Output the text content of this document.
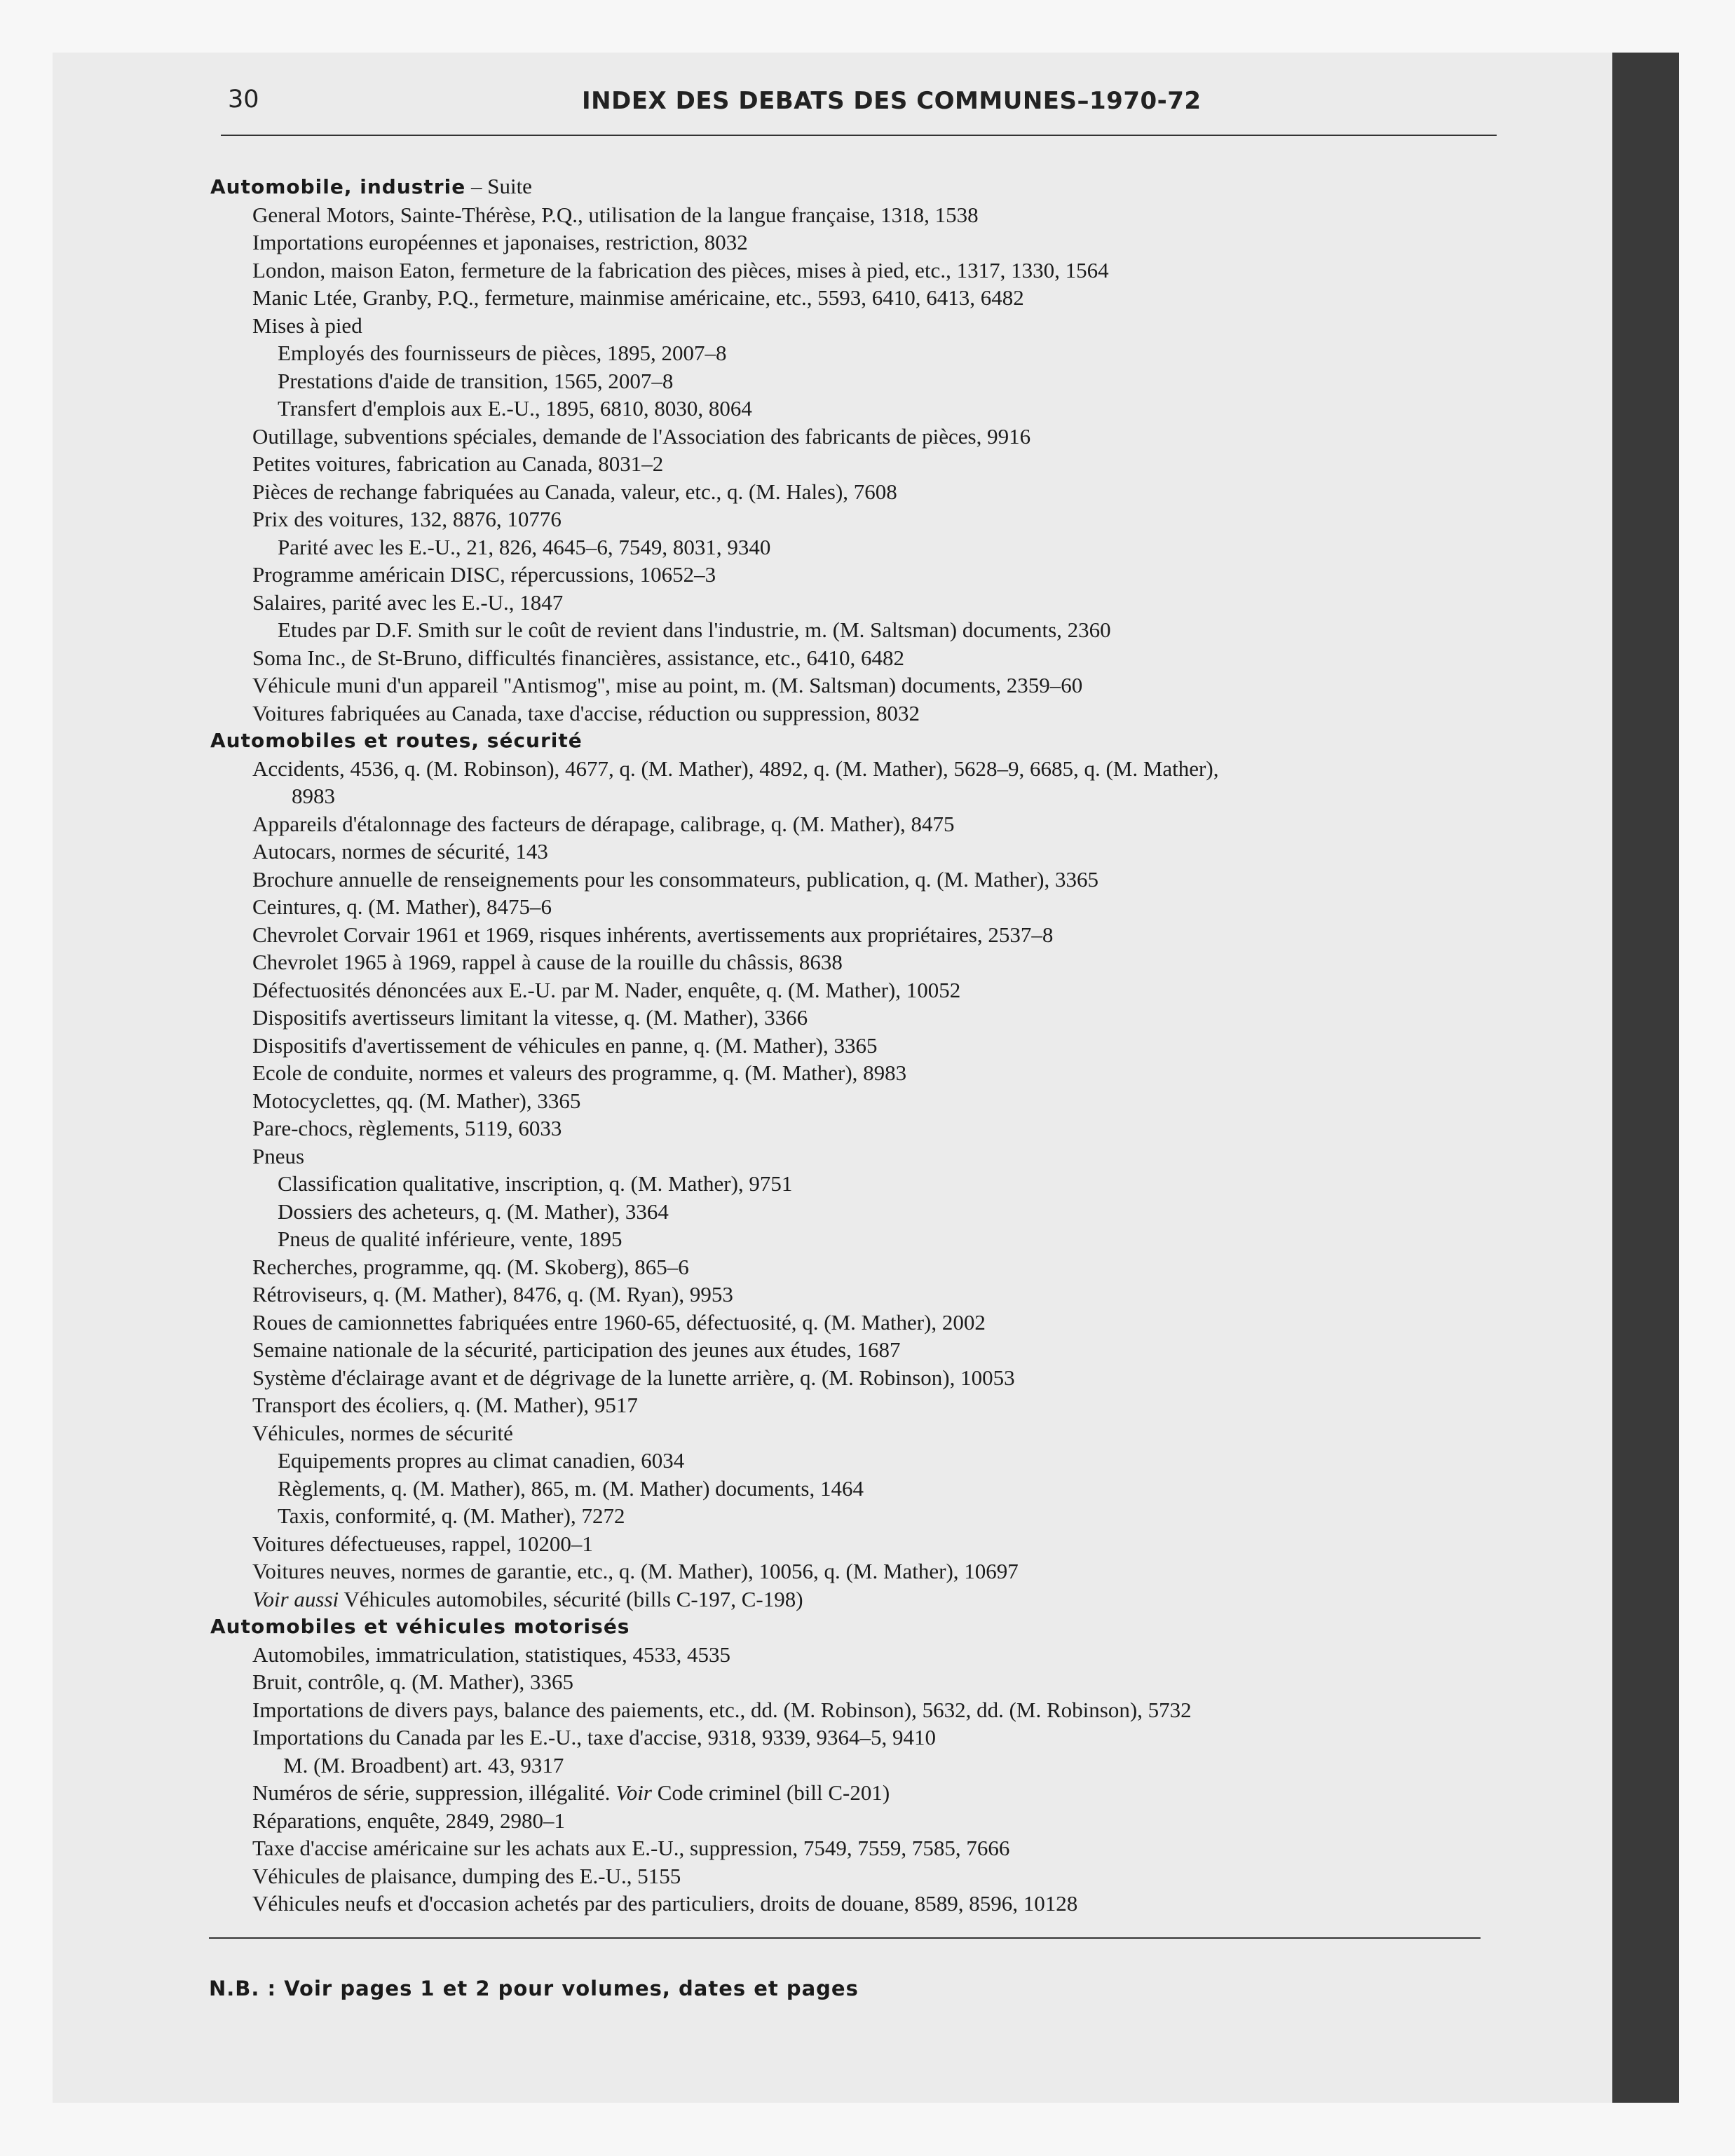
30	INDEX DES DEBATS DES COMMUNES–1970-72
Automobile, industrie – Suite
General Motors, Sainte-Thérèse, P.Q., utilisation de la langue française, 1318, 1538
Importations européennes et japonaises, restriction, 8032
London, maison Eaton, fermeture de la fabrication des pièces, mises à pied, etc., 1317, 1330, 1564
Manic Ltée, Granby, P.Q., fermeture, mainmise américaine, etc., 5593, 6410, 6413, 6482
Mises à pied
Employés des fournisseurs de pièces, 1895, 2007–8
Prestations d'aide de transition, 1565, 2007–8
Transfert d'emplois aux E.-U., 1895, 6810, 8030, 8064
Outillage, subventions spéciales, demande de l'Association des fabricants de pièces, 9916
Petites voitures, fabrication au Canada, 8031–2
Pièces de rechange fabriquées au Canada, valeur, etc., q. (M. Hales), 7608
Prix des voitures, 132, 8876, 10776
Parité avec les E.-U., 21, 826, 4645–6, 7549, 8031, 9340
Programme américain DISC, répercussions, 10652–3
Salaires, parité avec les E.-U., 1847
Etudes par D.F. Smith sur le coût de revient dans l'industrie, m. (M. Saltsman) documents, 2360
Soma Inc., de St-Bruno, difficultés financières, assistance, etc., 6410, 6482
Véhicule muni d'un appareil ''Antismog'', mise au point, m. (M. Saltsman) documents, 2359–60
Voitures fabriquées au Canada, taxe d'accise, réduction ou suppression, 8032
Automobiles et routes, sécurité
Accidents, 4536, q. (M. Robinson), 4677, q. (M. Mather), 4892, q. (M. Mather), 5628–9, 6685, q. (M. Mather),
8983
Appareils d'étalonnage des facteurs de dérapage, calibrage, q. (M. Mather), 8475
Autocars, normes de sécurité, 143
Brochure annuelle de renseignements pour les consommateurs, publication, q. (M. Mather), 3365
Ceintures, q. (M. Mather), 8475–6
Chevrolet Corvair 1961 et 1969, risques inhérents, avertissements aux propriétaires, 2537–8
Chevrolet 1965 à 1969, rappel à cause de la rouille du châssis, 8638
Défectuosités dénoncées aux E.-U. par M. Nader, enquête, q. (M. Mather), 10052
Dispositifs avertisseurs limitant la vitesse, q. (M. Mather), 3366
Dispositifs d'avertissement de véhicules en panne, q. (M. Mather), 3365
Ecole de conduite, normes et valeurs des programme, q. (M. Mather), 8983
Motocyclettes, qq. (M. Mather), 3365
Pare-chocs, règlements, 5119, 6033
Pneus
Classification qualitative, inscription, q. (M. Mather), 9751
Dossiers des acheteurs, q. (M. Mather), 3364
Pneus de qualité inférieure, vente, 1895
Recherches, programme, qq. (M. Skoberg), 865–6
Rétroviseurs, q. (M. Mather), 8476, q. (M. Ryan), 9953
Roues de camionnettes fabriquées entre 1960-65, défectuosité, q. (M. Mather), 2002
Semaine nationale de la sécurité, participation des jeunes aux études, 1687
Système d'éclairage avant et de dégrivage de la lunette arrière, q. (M. Robinson), 10053
Transport des écoliers, q. (M. Mather), 9517
Véhicules, normes de sécurité
Equipements propres au climat canadien, 6034
Règlements, q. (M. Mather), 865, m. (M. Mather) documents, 1464
Taxis, conformité, q. (M. Mather), 7272
Voitures défectueuses, rappel, 10200–1
Voitures neuves, normes de garantie, etc., q. (M. Mather), 10056, q. (M. Mather), 10697
Voir aussi Véhicules automobiles, sécurité (bills C-197, C-198)
Automobiles et véhicules motorisés
Automobiles, immatriculation, statistiques, 4533, 4535
Bruit, contrôle, q. (M. Mather), 3365
Importations de divers pays, balance des paiements, etc., dd. (M. Robinson), 5632, dd. (M. Robinson), 5732
Importations du Canada par les E.-U., taxe d'accise, 9318, 9339, 9364–5, 9410
M. (M. Broadbent) art. 43, 9317
Numéros de série, suppression, illégalité. Voir Code criminel (bill C-201)
Réparations, enquête, 2849, 2980–1
Taxe d'accise américaine sur les achats aux E.-U., suppression, 7549, 7559, 7585, 7666
Véhicules de plaisance, dumping des E.-U., 5155
Véhicules neufs et d'occasion achetés par des particuliers, droits de douane, 8589, 8596, 10128
N.B. : Voir pages 1 et 2 pour volumes, dates et pages
